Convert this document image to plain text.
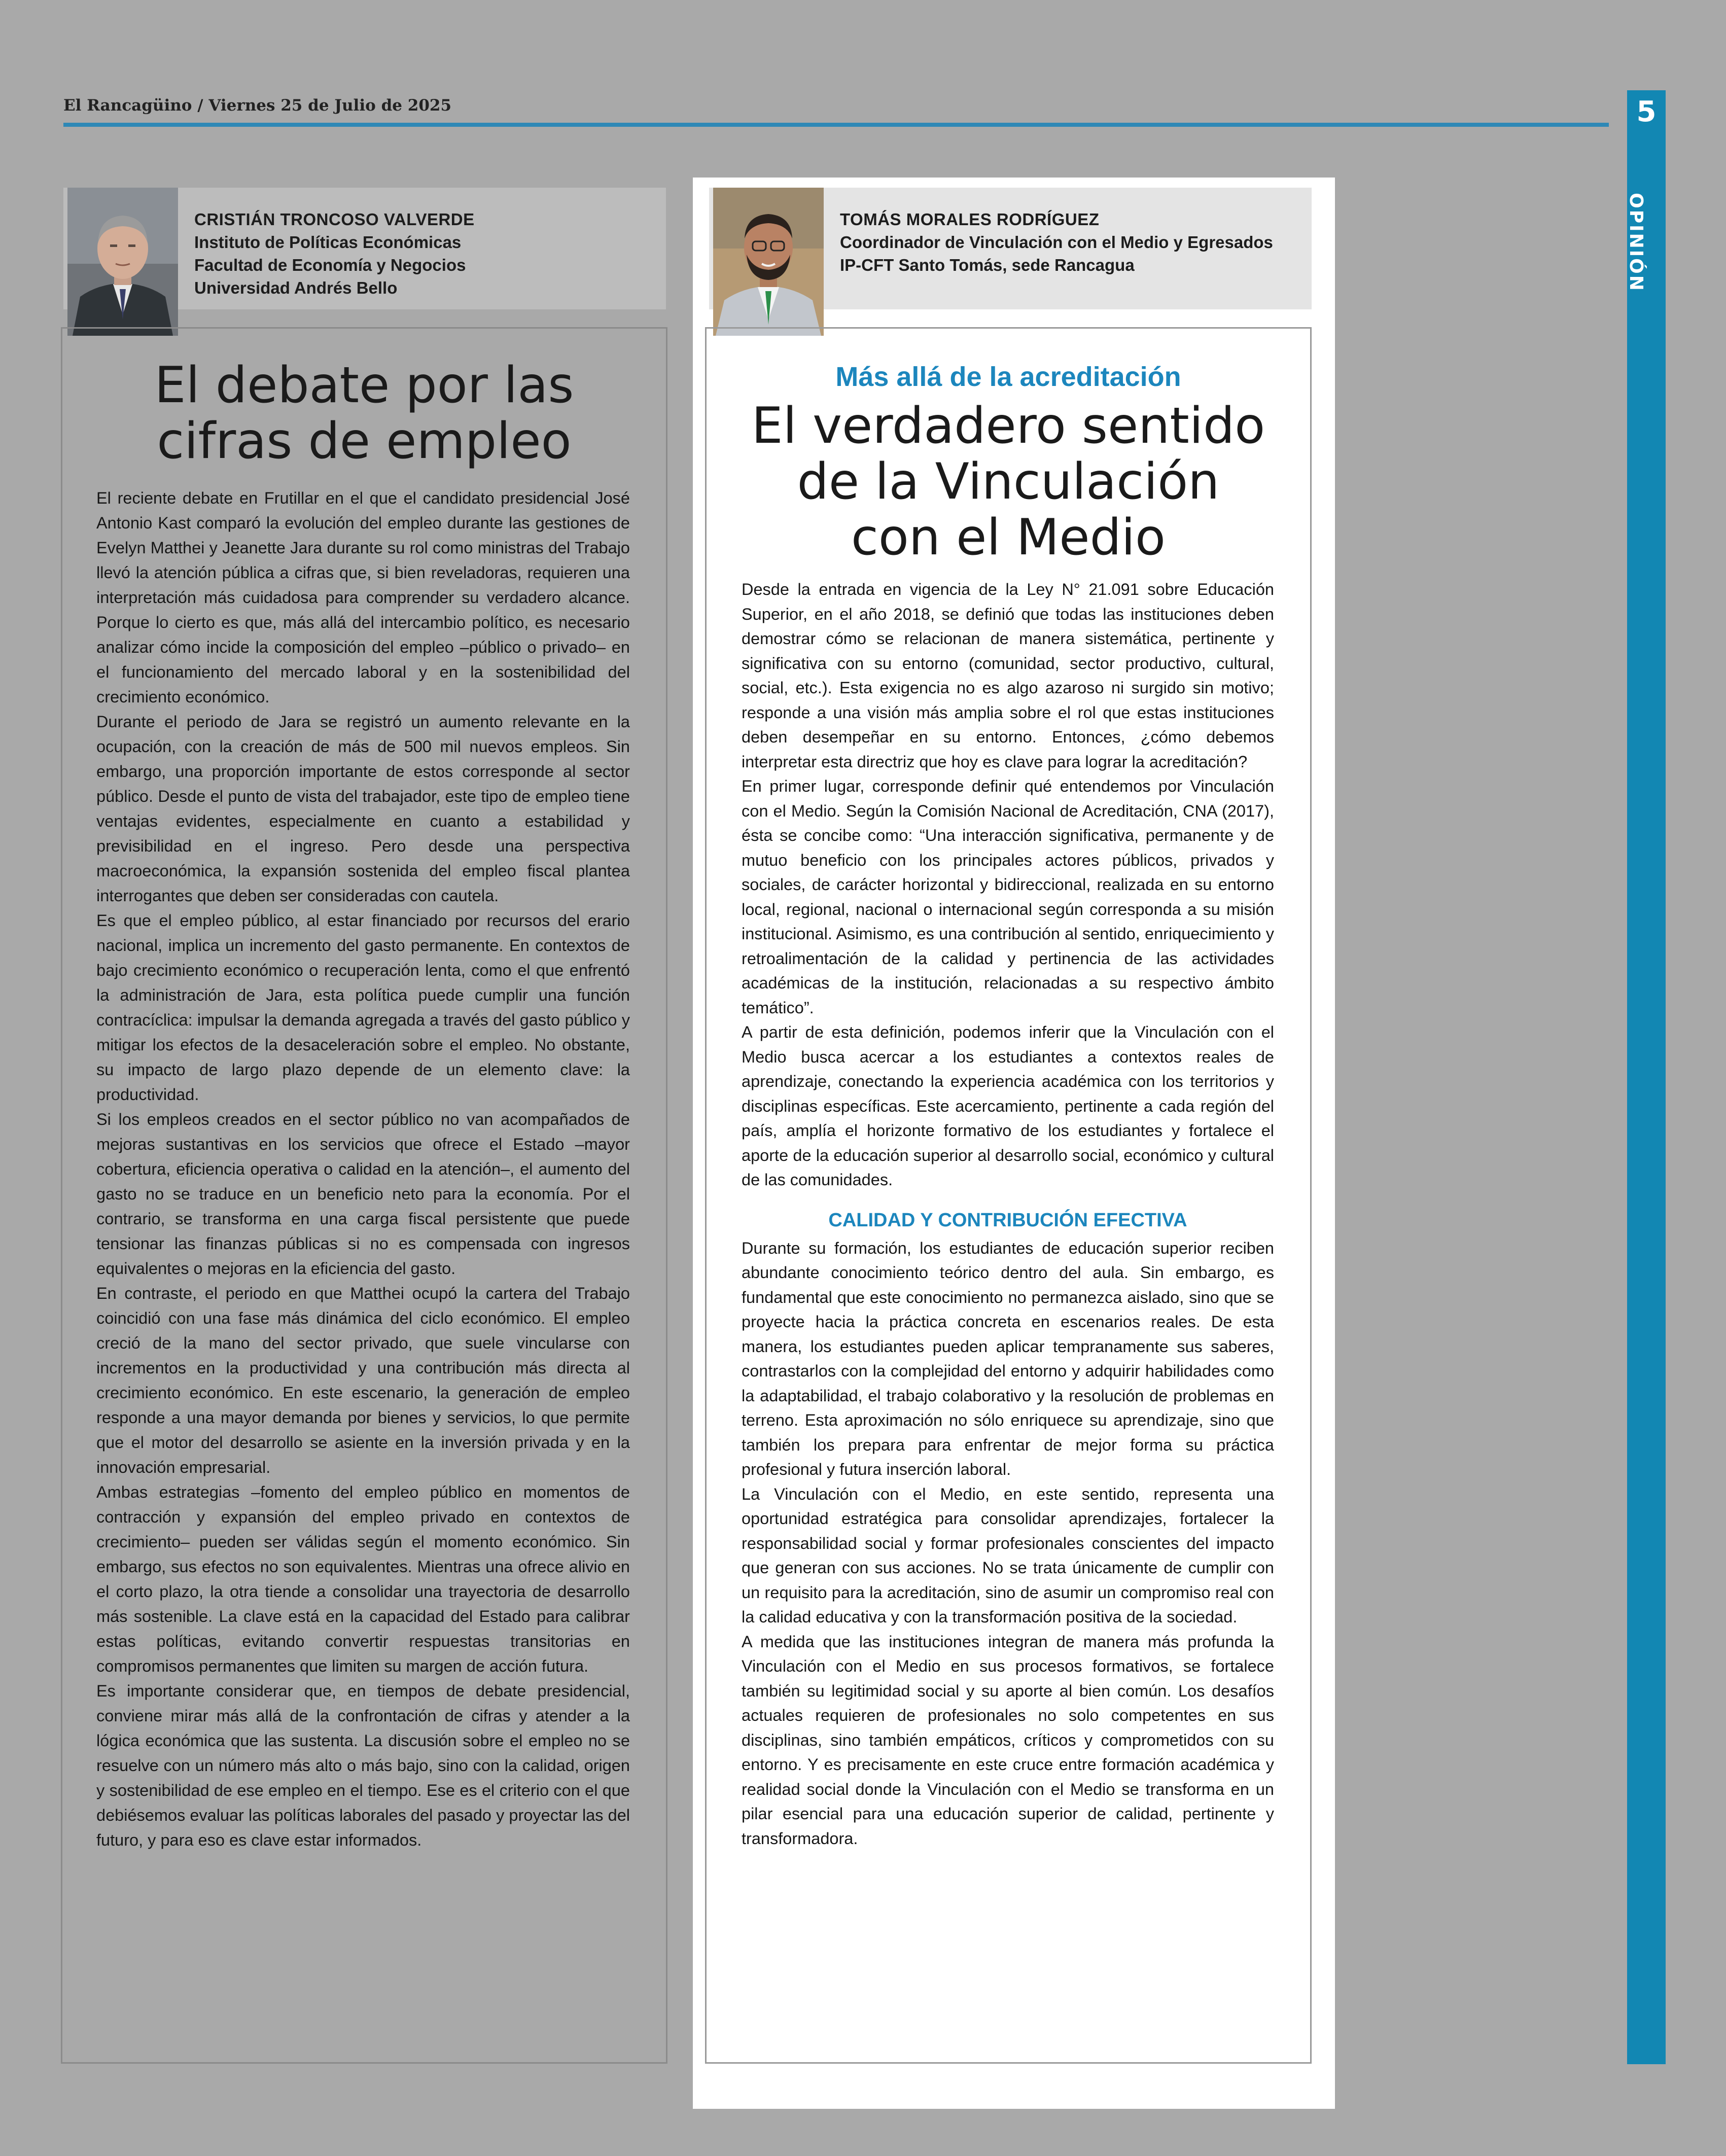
El Rancagüino / Viernes 25 de Julio de 2025	5
OPINIÓN
CRISTIÁN TRONCOSO VALVERDE
Instituto de Políticas Económicas
Facultad de Economía y Negocios
Universidad Andrés Bello
El debate por las
cifras de empleo

El reciente debate en Frutillar en el que el candidato presidencial José Antonio Kast comparó la evolución del empleo durante las gestiones de Evelyn Matthei y Jeanette Jara durante su rol como ministras del Trabajo llevó la atención pública a cifras que, si bien reveladoras, requieren una interpretación más cuidadosa para comprender su verdadero alcance. Porque lo cierto es que, más allá del intercambio político, es necesario analizar cómo incide la composición del empleo –público o privado– en el funcionamiento del mercado laboral y en la sostenibilidad del crecimiento económico.

Durante el periodo de Jara se registró un aumento relevante en la ocupación, con la creación de más de 500 mil nuevos empleos. Sin embargo, una proporción importante de estos corresponde al sector público. Desde el punto de vista del trabajador, este tipo de empleo tiene ventajas evidentes, especialmente en cuanto a estabilidad y previsibilidad en el ingreso. Pero desde una perspectiva macroeconómica, la expansión sostenida del empleo fiscal plantea interrogantes que deben ser consideradas con cautela.

Es que el empleo público, al estar financiado por recursos del erario nacional, implica un incremento del gasto permanente. En contextos de bajo crecimiento económico o recuperación lenta, como el que enfrentó la administración de Jara, esta política puede cumplir una función contracíclica: impulsar la demanda agregada a través del gasto público y mitigar los efectos de la desaceleración sobre el empleo. No obstante, su impacto de largo plazo depende de un elemento clave: la productividad.

Si los empleos creados en el sector público no van acompañados de mejoras sustantivas en los servicios que ofrece el Estado –mayor cobertura, eficiencia operativa o calidad en la atención–, el aumento del gasto no se traduce en un beneficio neto para la economía. Por el contrario, se transforma en una carga fiscal persistente que puede tensionar las finanzas públicas si no es compensada con ingresos equivalentes o mejoras en la eficiencia del gasto.

En contraste, el periodo en que Matthei ocupó la cartera del Trabajo coincidió con una fase más dinámica del ciclo económico. El empleo creció de la mano del sector privado, que suele vincularse con incrementos en la productividad y una contribución más directa al crecimiento económico. En este escenario, la generación de empleo responde a una mayor demanda por bienes y servicios, lo que permite que el motor del desarrollo se asiente en la inversión privada y en la innovación empresarial.

Ambas estrategias –fomento del empleo público en momentos de contracción y expansión del empleo privado en contextos de crecimiento– pueden ser válidas según el momento económico. Sin embargo, sus efectos no son equivalentes. Mientras una ofrece alivio en el corto plazo, la otra tiende a consolidar una trayectoria de desarrollo más sostenible. La clave está en la capacidad del Estado para calibrar estas políticas, evitando convertir respuestas transitorias en compromisos permanentes que limiten su margen de acción futura.

Es importante considerar que, en tiempos de debate presidencial, conviene mirar más allá de la confrontación de cifras y atender a la lógica económica que las sustenta. La discusión sobre el empleo no se resuelve con un número más alto o más bajo, sino con la calidad, origen y sostenibilidad de ese empleo en el tiempo. Ese es el criterio con el que debiésemos evaluar las políticas laborales del pasado y proyectar las del futuro, y para eso es clave estar informados.

TOMÁS MORALES RODRÍGUEZ
Coordinador de Vinculación con el Medio y Egresados
IP-CFT Santo Tomás, sede Rancagua
Más allá de la acreditación
El verdadero sentido
de la Vinculación
con el Medio

Desde la entrada en vigencia de la Ley N° 21.091 sobre Educación Superior, en el año 2018, se definió que todas las instituciones deben demostrar cómo se relacionan de manera sistemática, pertinente y significativa con su entorno (comunidad, sector productivo, cultural, social, etc.). Esta exigencia no es algo azaroso ni surgido sin motivo; responde a una visión más amplia sobre el rol que estas instituciones deben desempeñar en su entorno. Entonces, ¿cómo debemos interpretar esta directriz que hoy es clave para lograr la acreditación?

En primer lugar, corresponde definir qué entendemos por Vinculación con el Medio. Según la Comisión Nacional de Acreditación, CNA (2017), ésta se concibe como: “Una interacción significativa, permanente y de mutuo beneficio con los principales actores públicos, privados y sociales, de carácter horizontal y bidireccional, realizada en su entorno local, regional, nacional o internacional según corresponda a su misión institucional. Asimismo, es una contribución al sentido, enriquecimiento y retroalimentación de la calidad y pertinencia de las actividades académicas de la institución, relacionadas a su respectivo ámbito temático”.

A partir de esta definición, podemos inferir que la Vinculación con el Medio busca acercar a los estudiantes a contextos reales de aprendizaje, conectando la experiencia académica con los territorios y disciplinas específicas. Este acercamiento, pertinente a cada región del país, amplía el horizonte formativo de los estudiantes y fortalece el aporte de la educación superior al desarrollo social, económico y cultural de las comunidades.

CALIDAD Y CONTRIBUCIÓN EFECTIVA

Durante su formación, los estudiantes de educación superior reciben abundante conocimiento teórico dentro del aula. Sin embargo, es fundamental que este conocimiento no permanezca aislado, sino que se proyecte hacia la práctica concreta en escenarios reales. De esta manera, los estudiantes pueden aplicar tempranamente sus saberes, contrastarlos con la complejidad del entorno y adquirir habilidades como la adaptabilidad, el trabajo colaborativo y la resolución de problemas en terreno. Esta aproximación no sólo enriquece su aprendizaje, sino que también los prepara para enfrentar de mejor forma su práctica profesional y futura inserción laboral.

La Vinculación con el Medio, en este sentido, representa una oportunidad estratégica para consolidar aprendizajes, fortalecer la responsabilidad social y formar profesionales conscientes del impacto que generan con sus acciones. No se trata únicamente de cumplir con un requisito para la acreditación, sino de asumir un compromiso real con la calidad educativa y con la transformación positiva de la sociedad.

A medida que las instituciones integran de manera más profunda la Vinculación con el Medio en sus procesos formativos, se fortalece también su legitimidad social y su aporte al bien común. Los desafíos actuales requieren de profesionales no solo competentes en sus disciplinas, sino también empáticos, críticos y comprometidos con su entorno. Y es precisamente en este cruce entre formación académica y realidad social donde la Vinculación con el Medio se transforma en un pilar esencial para una educación superior de calidad, pertinente y transformadora.
